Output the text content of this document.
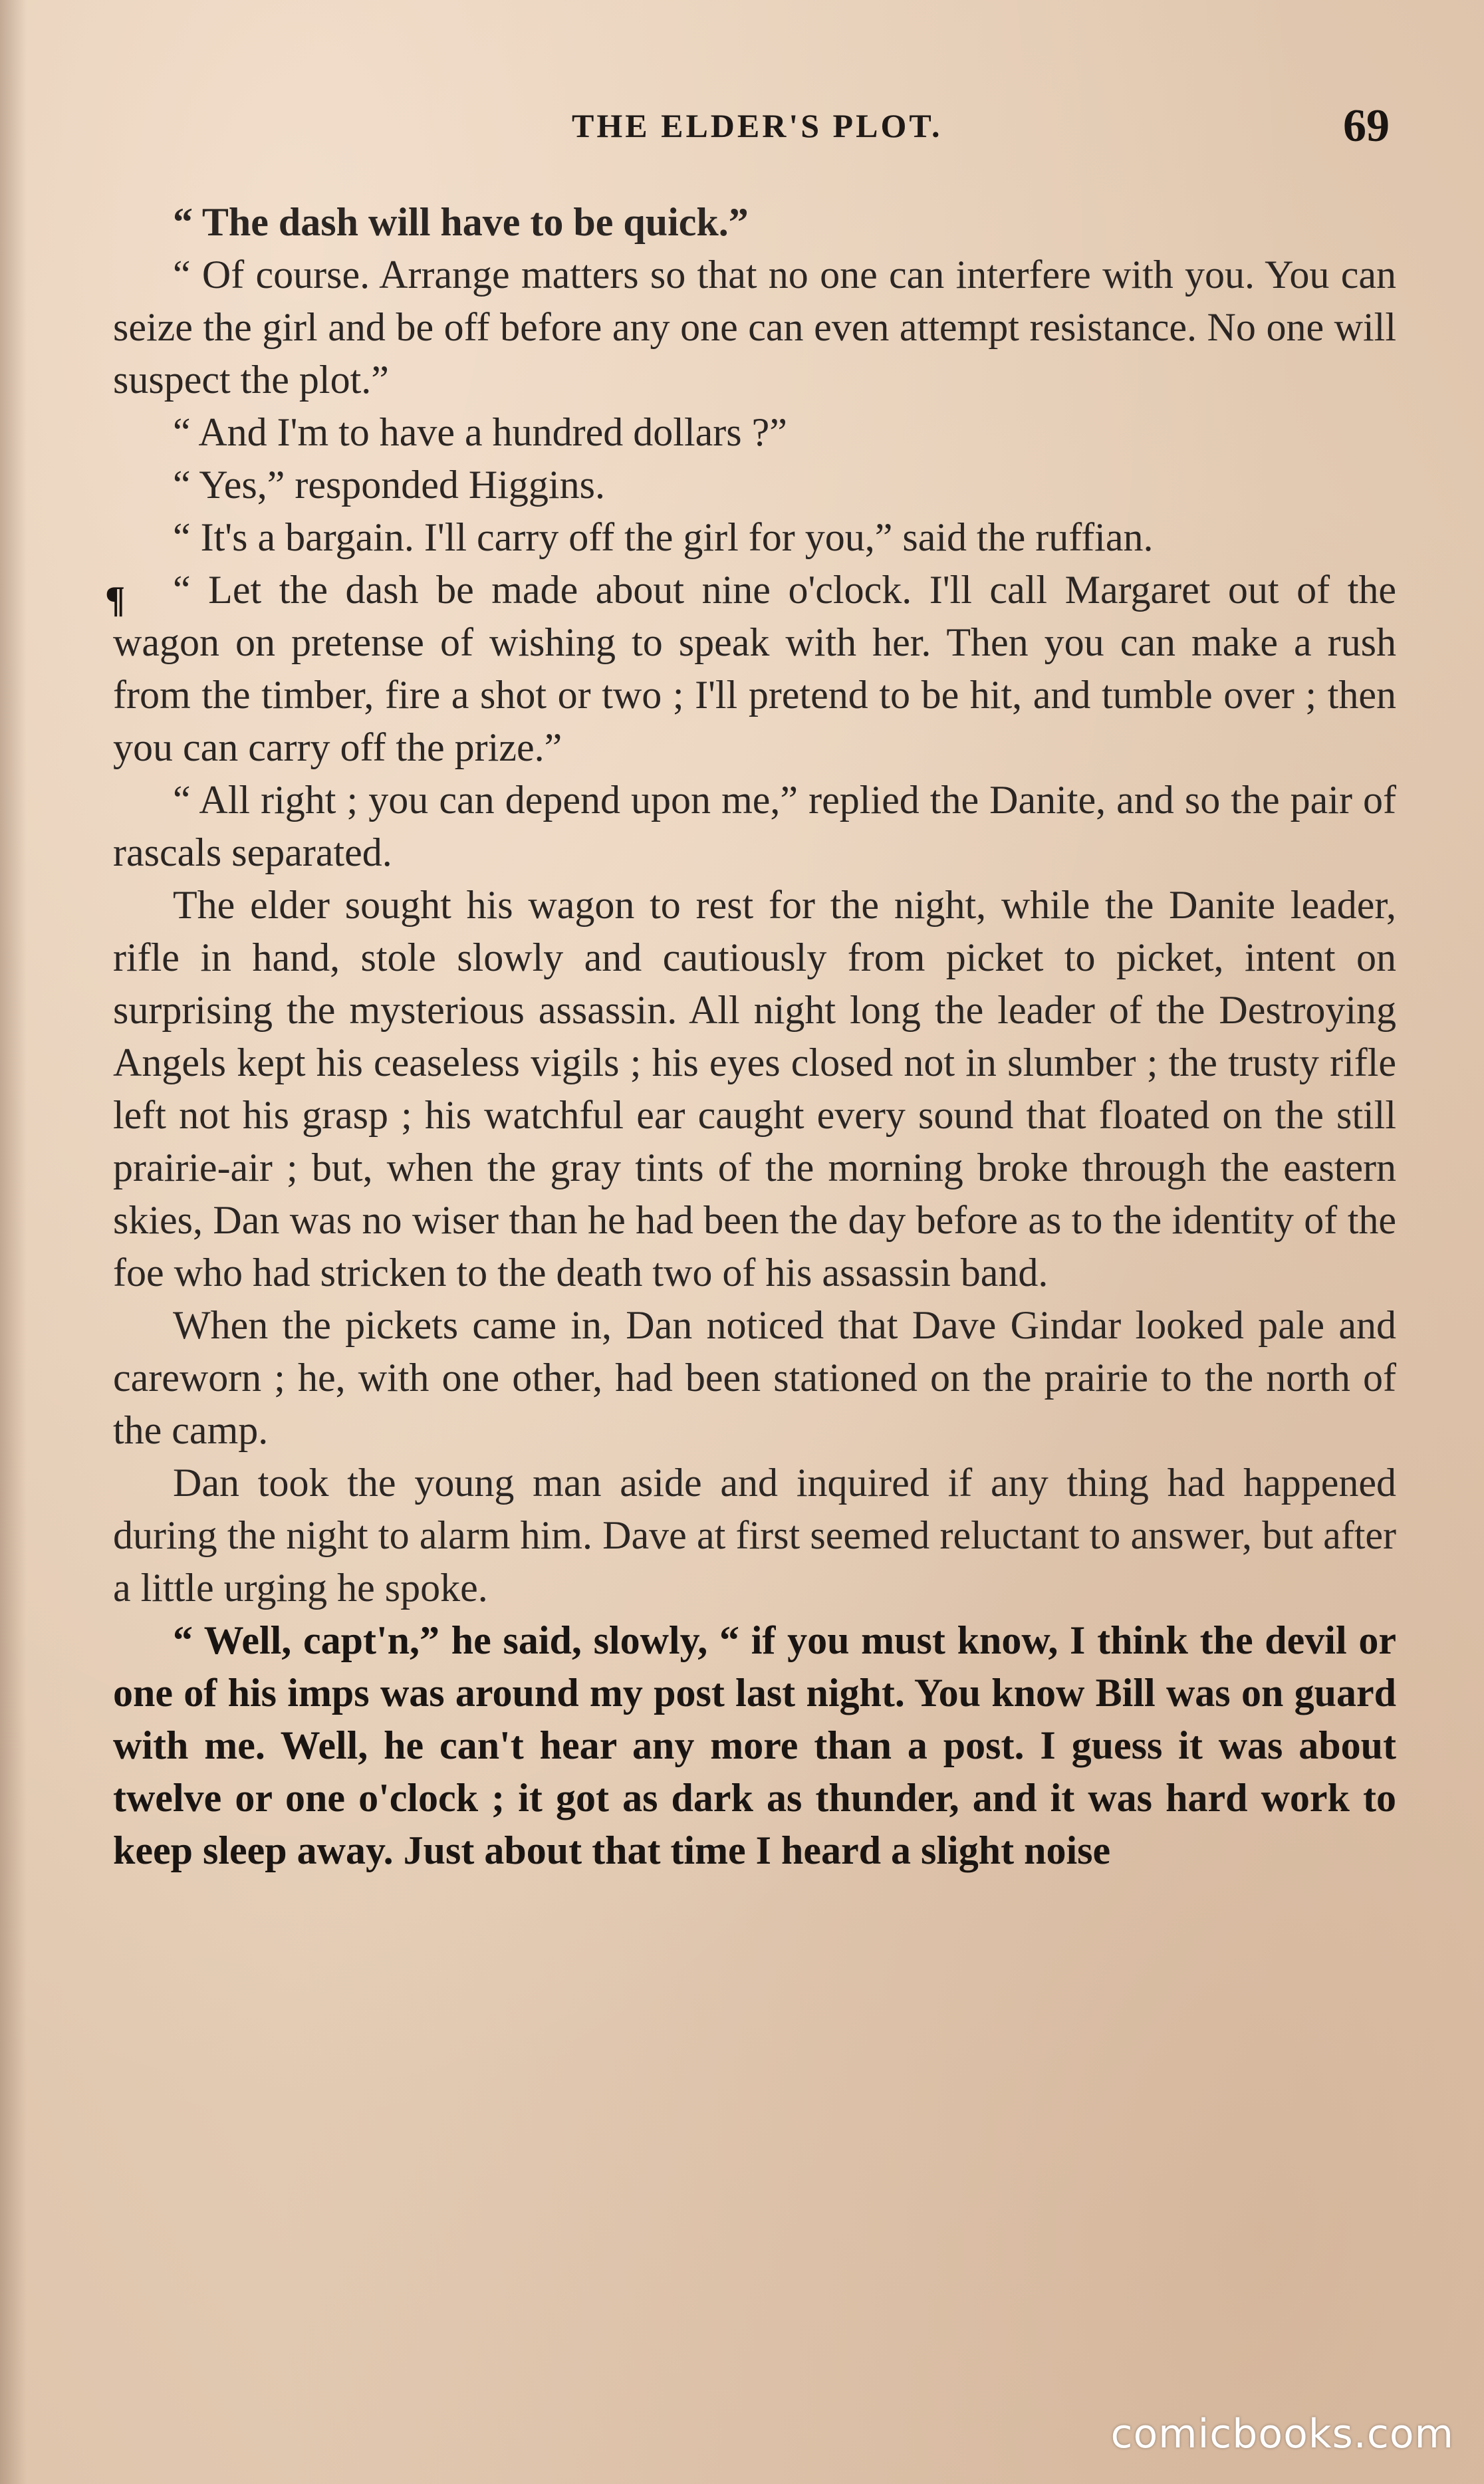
THE ELDER'S PLOT.	69
¶

“ The dash will have to be quick.”

“ Of course. Arrange matters so that no one can interfere with you. You can seize the girl and be off before any one can even attempt resistance. No one will suspect the plot.”

“ And I'm to have a hundred dollars ?”

“ Yes,” responded Higgins.

“ It's a bargain. I'll carry off the girl for you,” said the ruffian.

“ Let the dash be made about nine o'clock. I'll call Margaret out of the wagon on pretense of wishing to speak with her. Then you can make a rush from the timber, fire a shot or two ; I'll pretend to be hit, and tumble over ; then you can carry off the prize.”

“ All right ; you can depend upon me,” replied the Danite, and so the pair of rascals separated.

The elder sought his wagon to rest for the night, while the Danite leader, rifle in hand, stole slowly and cautiously from picket to picket, intent on surprising the mysterious assassin. All night long the leader of the Destroying Angels kept his ceaseless vigils ; his eyes closed not in slumber ; the trusty rifle left not his grasp ; his watchful ear caught every sound that floated on the still prairie-air ; but, when the gray tints of the morning broke through the eastern skies, Dan was no wiser than he had been the day before as to the identity of the foe who had stricken to the death two of his assassin band.

When the pickets came in, Dan noticed that Dave Gindar looked pale and careworn ; he, with one other, had been stationed on the prairie to the north of the camp.

Dan took the young man aside and inquired if any thing had happened during the night to alarm him. Dave at first seemed reluctant to answer, but after a little urging he spoke.

“ Well, capt'n,” he said, slowly, “ if you must know, I think the devil or one of his imps was around my post last night. You know Bill was on guard with me. Well, he can't hear any more than a post. I guess it was about twelve or one o'clock ; it got as dark as thunder, and it was hard work to keep sleep away. Just about that time I heard a slight noise

comicbooks.com
